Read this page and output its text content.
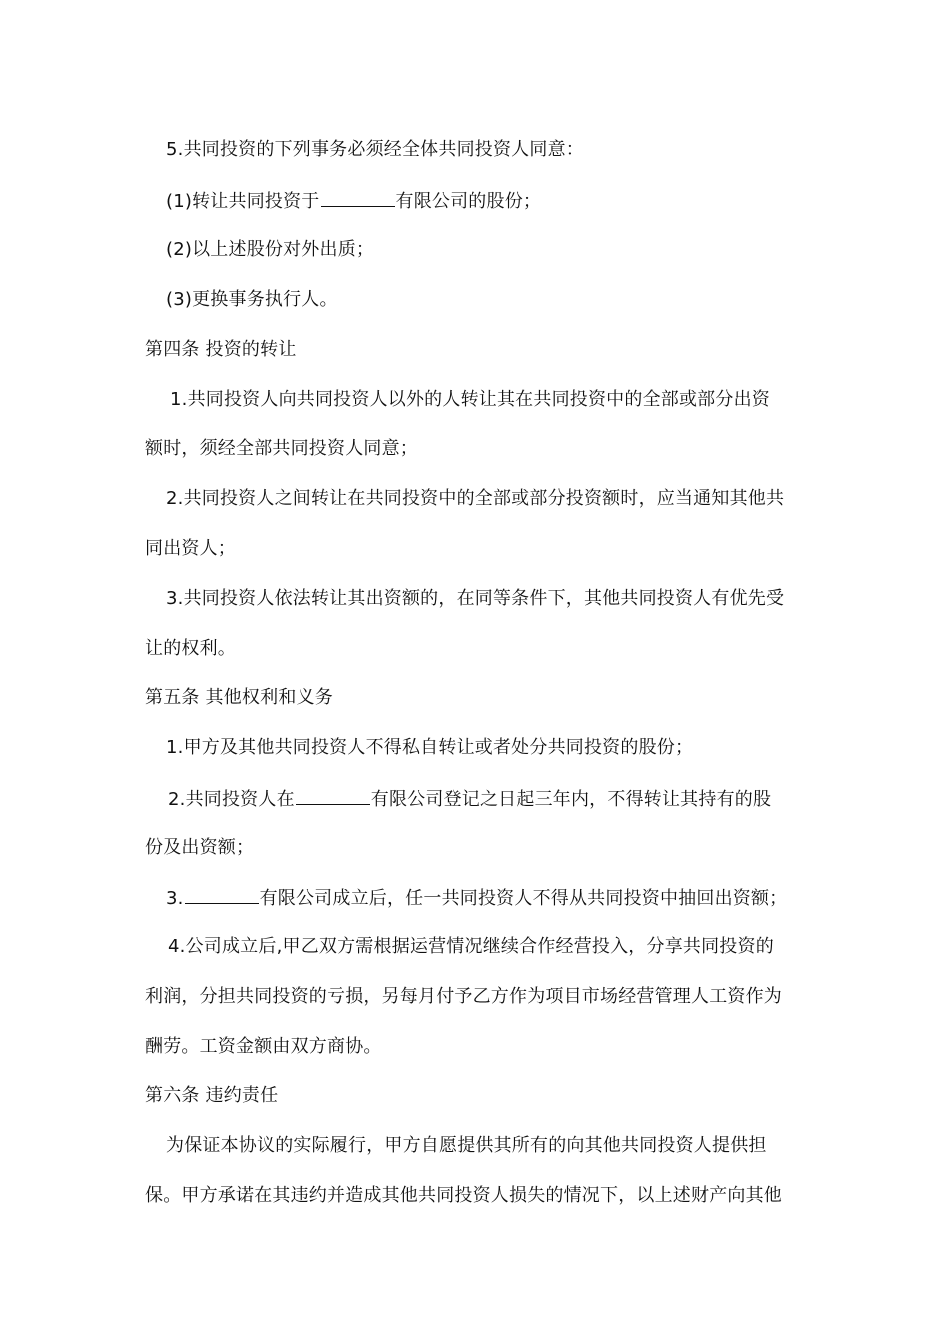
5.共同投资的下列事务必须经全体共同投资人同意：
(1)转让共同投资于	有限公司的股份；
(2)以上述股份对外出质；
(3)更换事务执行人。
第四条 投资的转让
1.共同投资人向共同投资人以外的人转让其在共同投资中的全部或部分出资
额时，须经全部共同投资人同意；
2.共同投资人之间转让在共同投资中的全部或部分投资额时，应当通知其他共
同出资人；
3.共同投资人依法转让其出资额的，在同等条件下，其他共同投资人有优先受
让的权利。
第五条 其他权利和义务
1.甲方及其他共同投资人不得私自转让或者处分共同投资的股份；
2.共同投资人在	有限公司登记之日起三年内，不得转让其持有的股
份及出资额；
3.	有限公司成立后，任一共同投资人不得从共同投资中抽回出资额；
4.公司成立后,甲乙双方需根据运营情况继续合作经营投入，分享共同投资的
利润，分担共同投资的亏损，另每月付予乙方作为项目市场经营管理人工资作为
酬劳。工资金额由双方商协。
第六条 违约责任
为保证本协议的实际履行，甲方自愿提供其所有的向其他共同投资人提供担
保。甲方承诺在其违约并造成其他共同投资人损失的情况下，以上述财产向其他
